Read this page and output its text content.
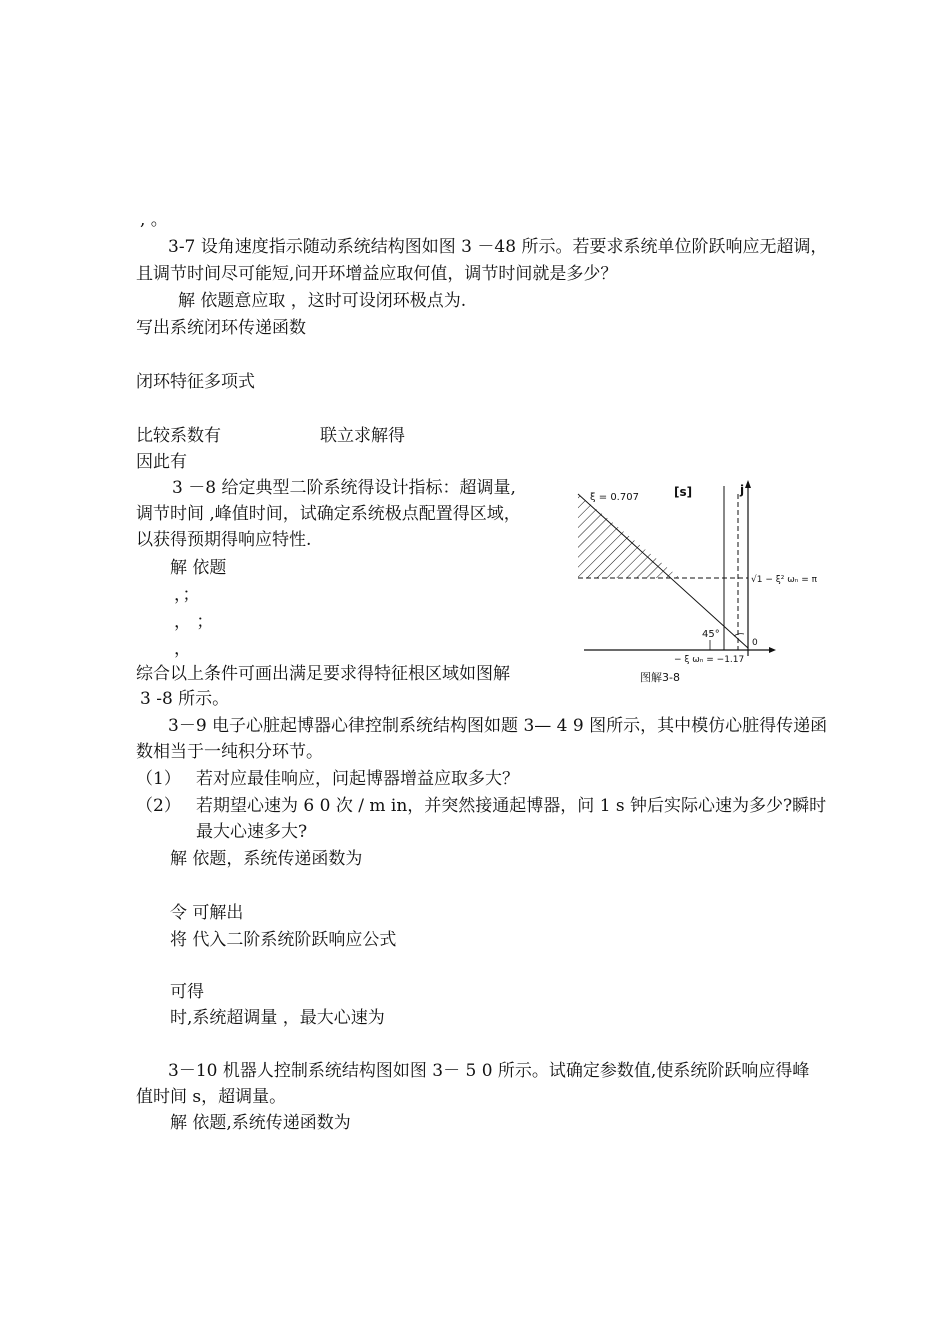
, 。
3-7 设角速度指示随动系统结构图如图 3 －48 所示。若要求系统单位阶跃响应无超调，
且调节时间尽可能短,问开环增益应取何值，调节时间就是多少？
解 依题意应取 ，这时可设闭环极点为.
写出系统闭环传递函数
闭环特征多项式
比较系数有	联立求解得
因此有
3 －8 给定典型二阶系统得设计指标：超调量,
调节时间 ,峰值时间，试确定系统极点配置得区域，
以获得预期得响应特性.
解 依题
，；
， ；
，
综合以上条件可画出满足要求得特征根区域如图解
3 -8 所示。
3－9 电子心脏起博器心律控制系统结构图如题 3— 4 9 图所示，其中模仿心脏得传递函
数相当于一纯积分环节。
（1） 若对应最佳响应，问起博器增益应取多大？
（2） 若期望心速为 6 0 次 / m in，并突然接通起博器，问 1 s 钟后实际心速为多少?瞬时
最大心速多大?
解 依题，系统传递函数为
令 可解出
将 代入二阶系统阶跃响应公式
可得
时,系统超调量 ，最大心速为
3－10 机器人控制系统结构图如图 3－ 5 0 所示。试确定参数值,使系统阶跃响应得峰
值时间 s，超调量。
解 依题,系统传递函数为
ξ = 0.707	[s]	j
√1 − ξ² ωₙ = π
45°
0
− ξ ωₙ = −1.17
图解3-8
